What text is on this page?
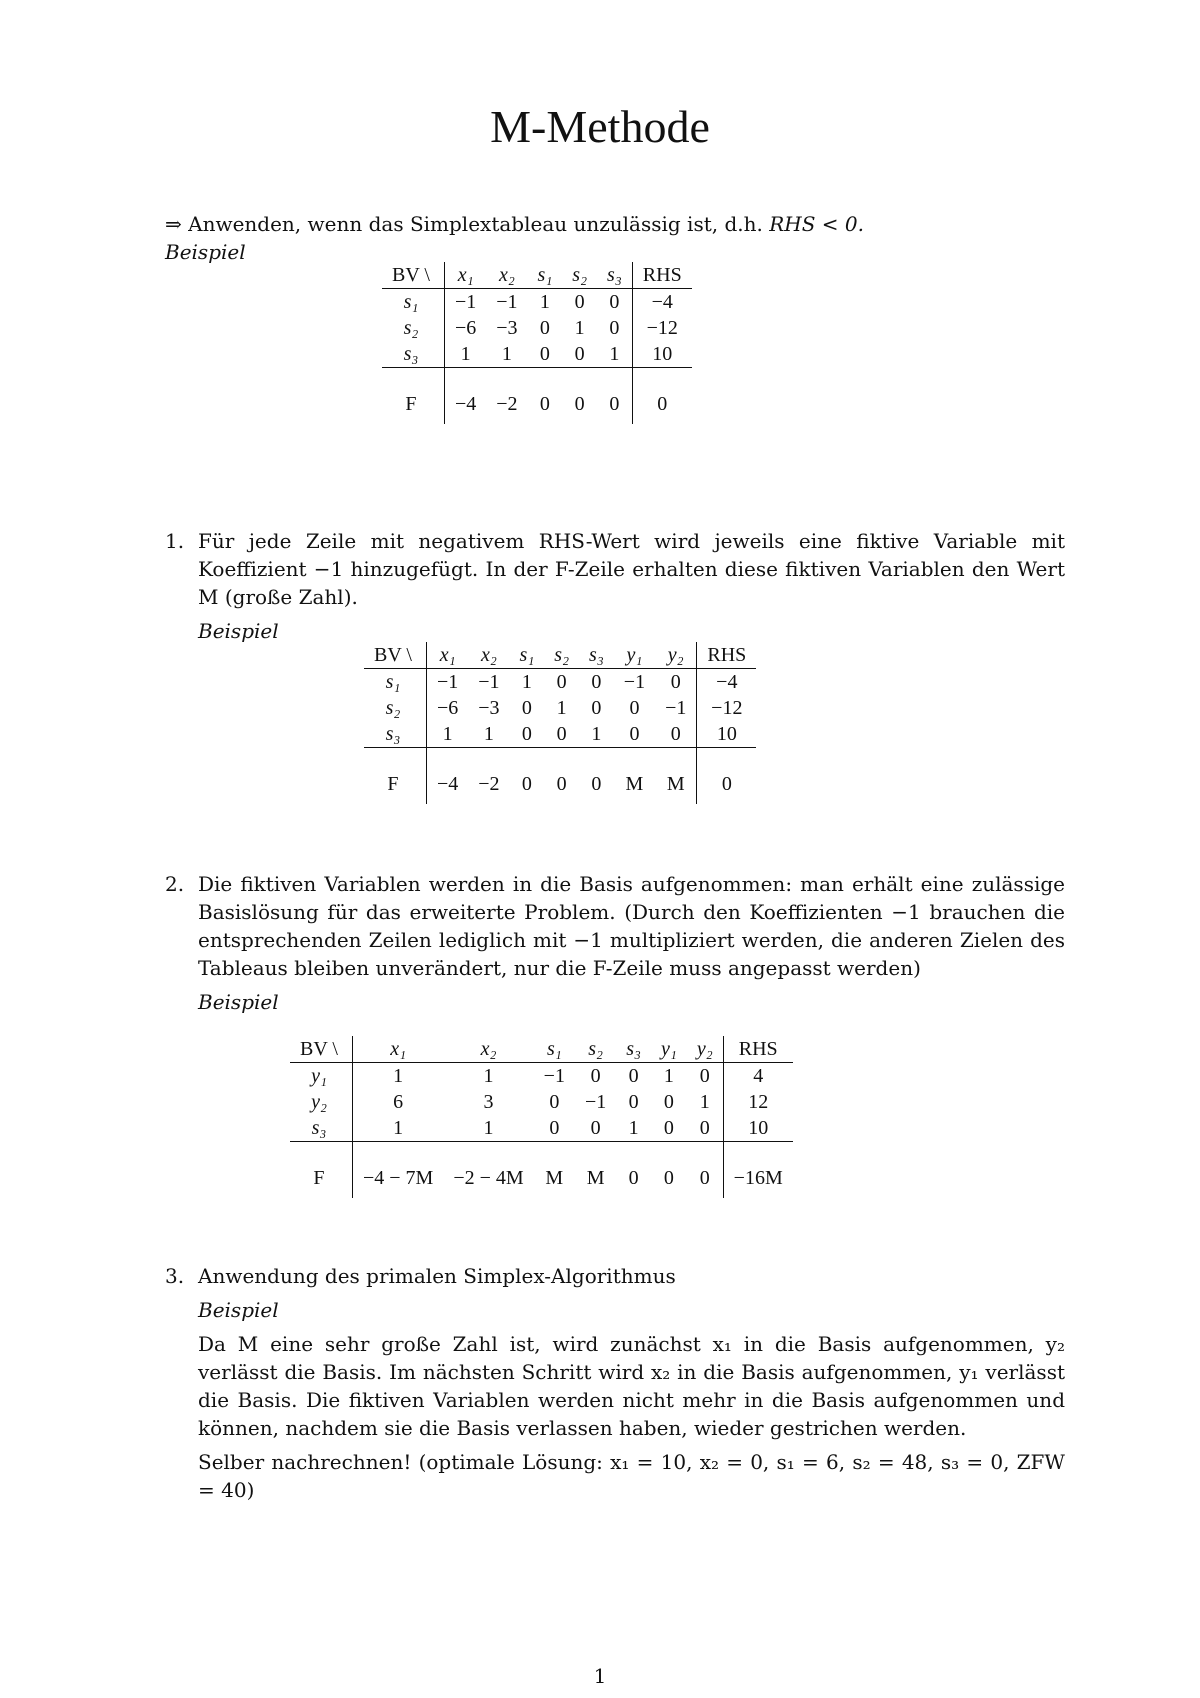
M-Methode
⇒ Anwenden, wenn das Simplextableau unzulässig ist, d.h. RHS < 0.
Beispiel
BV \	x₁	x₂	s₁	s₂	s₃	RHS
s₁	−1	−1	1	0	0	−4
s₂	−6	−3	0	1	0	−12
s₃	1	1	0	0	1	10

F	−4	−2	0	0	0	0
1. Für jede Zeile mit negativem RHS-Wert wird jeweils eine fiktive Variable mit Koeffizient −1 hinzugefügt. In der F-Zeile erhalten diese fiktiven Variablen den Wert M (große Zahl).

Beispiel
BV \	x₁	x₂	s₁	s₂	s₃	y₁	y₂	RHS
s₁	−1	−1	1	0	0	−1	0	−4
s₂	−6	−3	0	1	0	0	−1	−12
s₃	1	1	0	0	1	0	0	10

F	−4	−2	0	0	0	M	M	0
2. Die fiktiven Variablen werden in die Basis aufgenommen: man erhält eine zulässige Basislösung für das erweiterte Problem. (Durch den Koeffizienten −1 brauchen die entsprechenden Zeilen lediglich mit −1 multipliziert werden, die anderen Zielen des Tableaus bleiben unverändert, nur die F-Zeile muss angepasst werden)

Beispiel
BV \	x₁	x₂	s₁	s₂	s₃	y₁	y₂	RHS
y₁	1	1	−1	0	0	1	0	4
y₂	6	3	0	−1	0	0	1	12
s₃	1	1	0	0	1	0	0	10

F	−4 − 7M	−2 − 4M	M	M	0	0	0	−16M
3. Anwendung des primalen Simplex-Algorithmus

Beispiel

Da M eine sehr große Zahl ist, wird zunächst x₁ in die Basis aufgenommen, y₂ verlässt die Basis. Im nächsten Schritt wird x₂ in die Basis aufgenommen, y₁ verlässt die Basis. Die fiktiven Variablen werden nicht mehr in die Basis aufgenommen und können, nachdem sie die Basis verlassen haben, wieder gestrichen werden.

Selber nachrechnen! (optimale Lösung: x₁ = 10, x₂ = 0, s₁ = 6, s₂ = 48, s₃ = 0, ZFW = 40)

1
